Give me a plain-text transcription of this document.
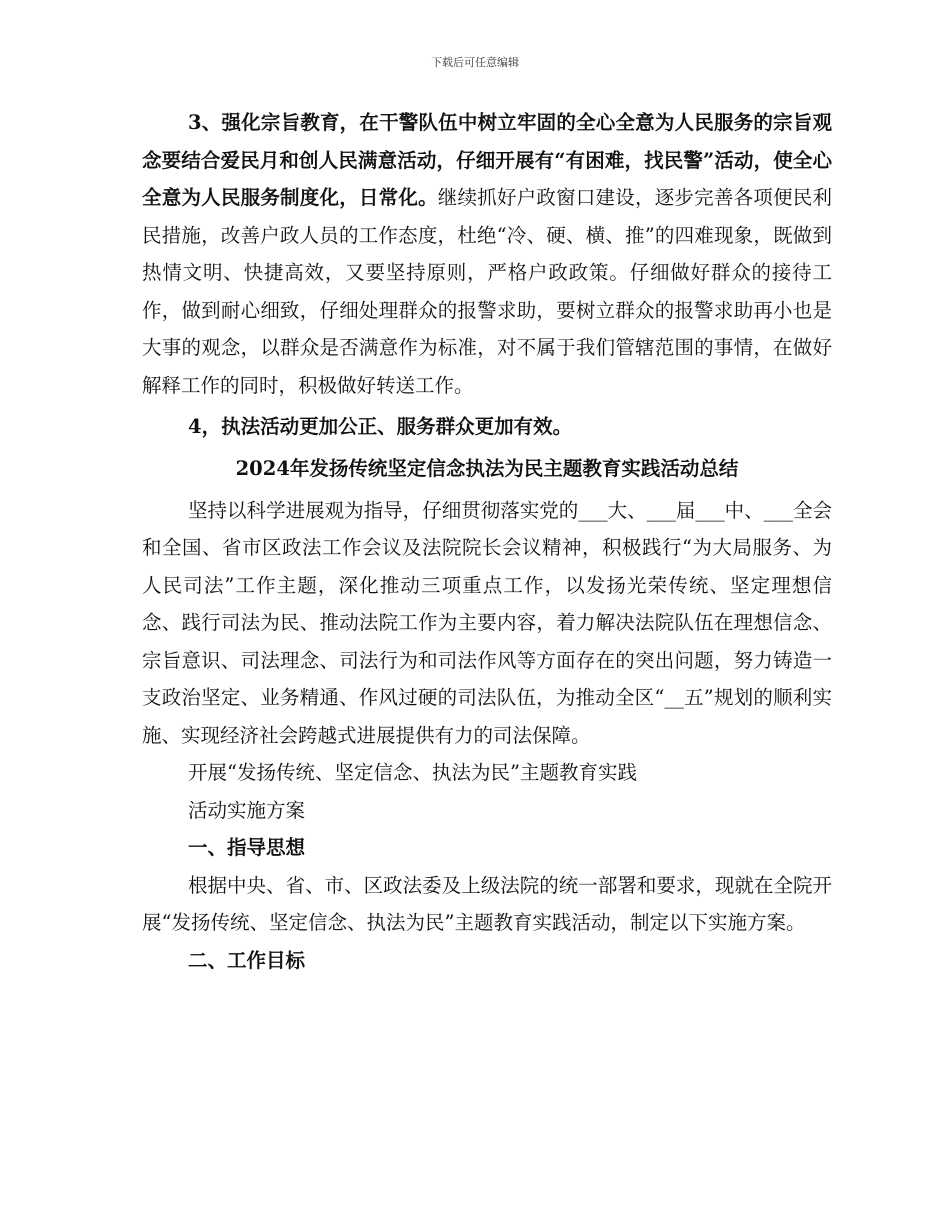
下载后可任意编辑

3、强化宗旨教育，在干警队伍中树立牢固的全心全意为人民服务的宗旨观念要结合爱民月和创人民满意活动，仔细开展有“有困难，找民警”活动，使全心全意为人民服务制度化，日常化。继续抓好户政窗口建设，逐步完善各项便民利民措施，改善户政人员的工作态度，杜绝“冷、硬、横、推”的四难现象，既做到热情文明、快捷高效，又要坚持原则，严格户政政策。仔细做好群众的接待工作，做到耐心细致，仔细处理群众的报警求助，要树立群众的报警求助再小也是大事的观念，以群众是否满意作为标准，对不属于我们管辖范围的事情，在做好解释工作的同时，积极做好转送工作。

4，执法活动更加公正、服务群众更加有效。

2024年发扬传统坚定信念执法为民主题教育实践活动总结

坚持以科学进展观为指导，仔细贯彻落实党的___大、___届___中、___全会和全国、省市区政法工作会议及法院院长会议精神，积极践行“为大局服务、为人民司法”工作主题，深化推动三项重点工作，以发扬光荣传统、坚定理想信念、践行司法为民、推动法院工作为主要内容，着力解决法院队伍在理想信念、宗旨意识、司法理念、司法行为和司法作风等方面存在的突出问题，努力铸造一支政治坚定、业务精通、作风过硬的司法队伍，为推动全区“__五”规划的顺利实施、实现经济社会跨越式进展提供有力的司法保障。

开展“发扬传统、坚定信念、执法为民”主题教育实践

活动实施方案

一、指导思想

根据中央、省、市、区政法委及上级法院的统一部署和要求，现就在全院开展“发扬传统、坚定信念、执法为民”主题教育实践活动，制定以下实施方案。

二、工作目标
